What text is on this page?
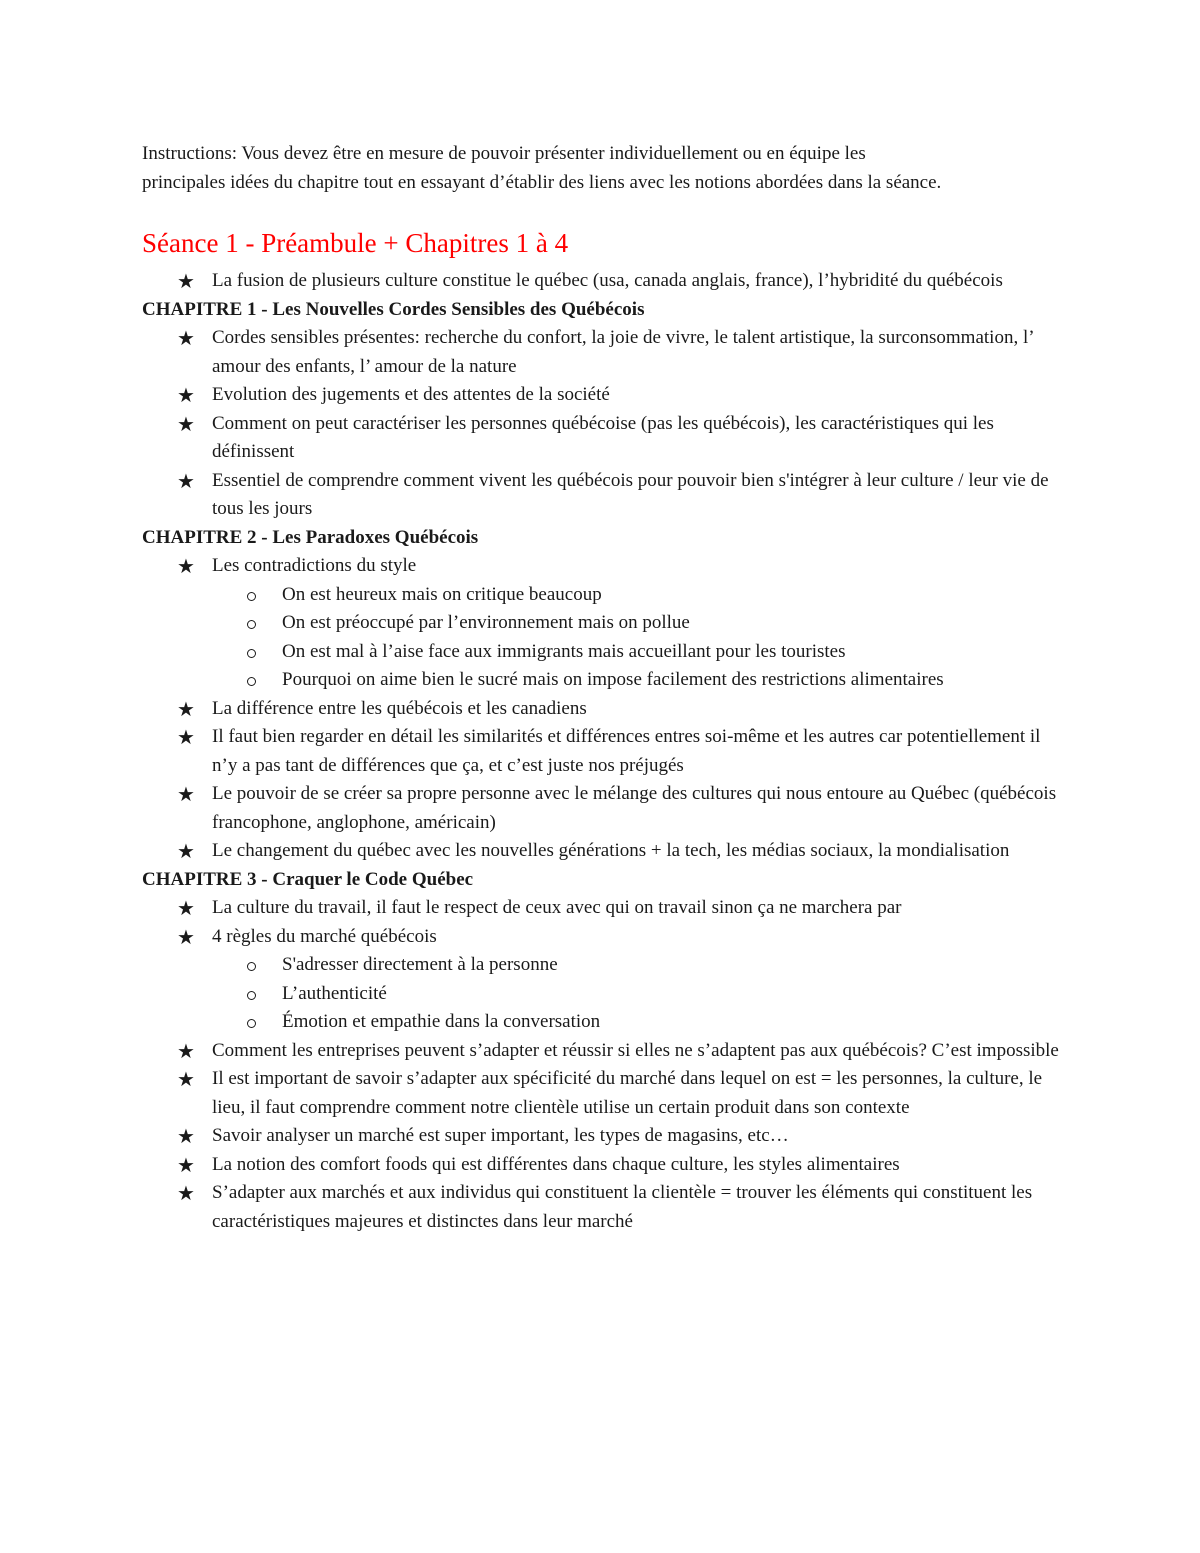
Instructions: Vous devez être en mesure de pouvoir présenter individuellement ou en équipe les principales idées du chapitre tout en essayant d’établir des liens avec les notions abordées dans la séance.

Séance 1 - Préambule + Chapitres 1 à 4
★ La fusion de plusieurs culture constitue le québec (usa, canada anglais, france), l’hybridité du québécois
CHAPITRE 1 - Les Nouvelles Cordes Sensibles des Québécois
★ Cordes sensibles présentes: recherche du confort, la joie de vivre, le talent artistique, la surconsommation, l’ amour des enfants, l’ amour de la nature
★ Evolution des jugements et des attentes de la société
★ Comment on peut caractériser les personnes québécoise (pas les québécois), les caractéristiques qui les définissent
★ Essentiel de comprendre comment vivent les québécois pour pouvoir bien s'intégrer à leur culture / leur vie de tous les jours
CHAPITRE 2 - Les Paradoxes Québécois
★ Les contradictions du style
On est heureux mais on critique beaucoup
On est préoccupé par l’environnement mais on pollue
On est mal à l’aise face aux immigrants mais accueillant pour les touristes
Pourquoi on aime bien le sucré mais on impose facilement des restrictions alimentaires
★ La différence entre les québécois et les canadiens
★ Il faut bien regarder en détail les similarités et différences entres soi-même et les autres car potentiellement il n’y a pas tant de différences que ça, et c’est juste nos préjugés
★ Le pouvoir de se créer sa propre personne avec le mélange des cultures qui nous entoure au Québec (québécois francophone, anglophone, américain)
★ Le changement du québec avec les nouvelles générations + la tech, les médias sociaux, la mondialisation
CHAPITRE 3 - Craquer le Code Québec
★ La culture du travail, il faut le respect de ceux avec qui on travail sinon ça ne marchera par
★ 4 règles du marché québécois
S'adresser directement à la personne
L’authenticité
Émotion et empathie dans la conversation
★ Comment les entreprises peuvent s’adapter et réussir si elles ne s’adaptent pas aux québécois? C’est impossible
★ Il est important de savoir s’adapter aux spécificité du marché dans lequel on est = les personnes, la culture, le lieu, il faut comprendre comment notre clientèle utilise un certain produit dans son contexte
★ Savoir analyser un marché est super important, les types de magasins, etc…
★ La notion des comfort foods qui est différentes dans chaque culture, les styles alimentaires
★ S’adapter aux marchés et aux individus qui constituent la clientèle = trouver les éléments qui constituent les caractéristiques majeures et distinctes dans leur marché
